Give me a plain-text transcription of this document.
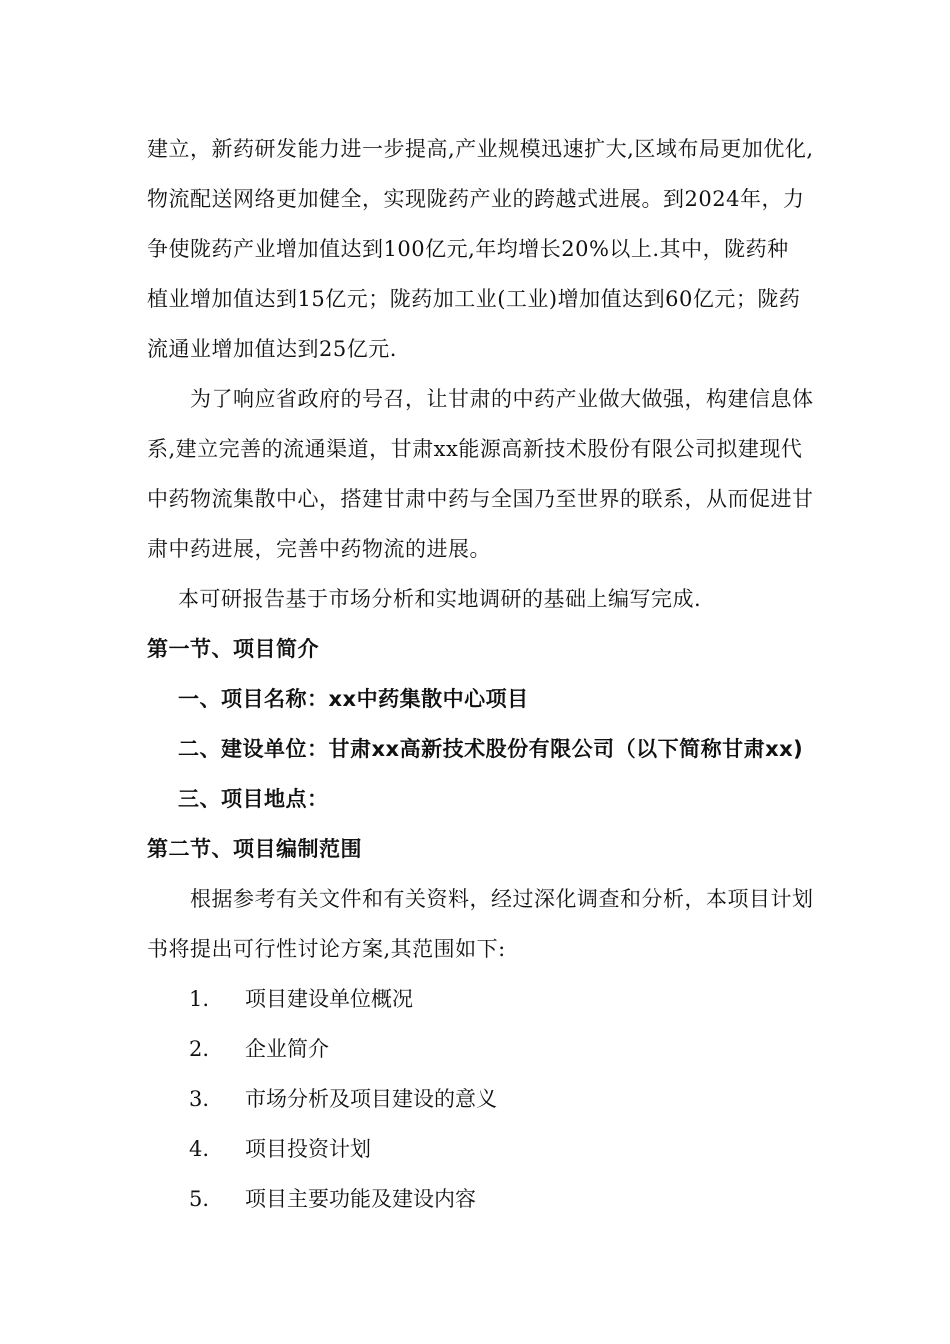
建立，新药研发能力进一步提高,产业规模迅速扩大,区域布局更加优化,
物流配送网络更加健全，实现陇药产业的跨越式进展。到2024年，力
争使陇药产业增加值达到100亿元,年均增长20%以上.其中，陇药种
植业增加值达到15亿元；陇药加工业(工业)增加值达到60亿元；陇药
流通业增加值达到25亿元.
为了响应省政府的号召，让甘肃的中药产业做大做强，构建信息体
系,建立完善的流通渠道，甘肃xx能源高新技术股份有限公司拟建现代
中药物流集散中心，搭建甘肃中药与全国乃至世界的联系，从而促进甘
肃中药进展，完善中药物流的进展。
本可研报告基于市场分析和实地调研的基础上编写完成.
第一节、项目简介
一、项目名称：xx中药集散中心项目
二、建设单位：甘肃xx高新技术股份有限公司（以下简称甘肃xx)
三、项目地点：
第二节、项目编制范围
根据参考有关文件和有关资料，经过深化调查和分析，本项目计划
书将提出可行性讨论方案,其范围如下:
1. 项目建设单位概况
2. 企业简介
3. 市场分析及项目建设的意义
4. 项目投资计划
5. 项目主要功能及建设内容
